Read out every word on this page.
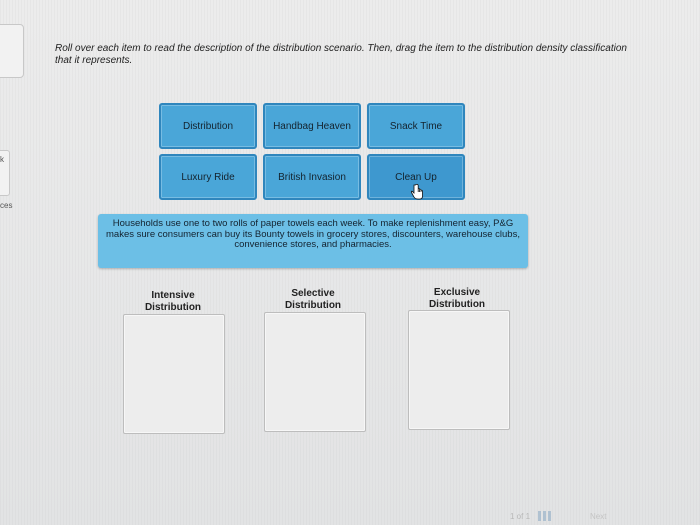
k
ces
Roll over each item to read the description of the distribution scenario. Then, drag the item to the distribution density classification that it represents.
Distribution	Handbag Heaven	Snack Time
Luxury Ride	British Invasion	Clean Up
Households use one to two rolls of paper towels each week. To make replenishment easy, P&G makes sure consumers can buy its Bounty towels in grocery stores, discounters, warehouse clubs, convenience stores, and pharmacies.
Intensive Distribution
Selective Distribution
Exclusive Distribution
1 of 1	Next
